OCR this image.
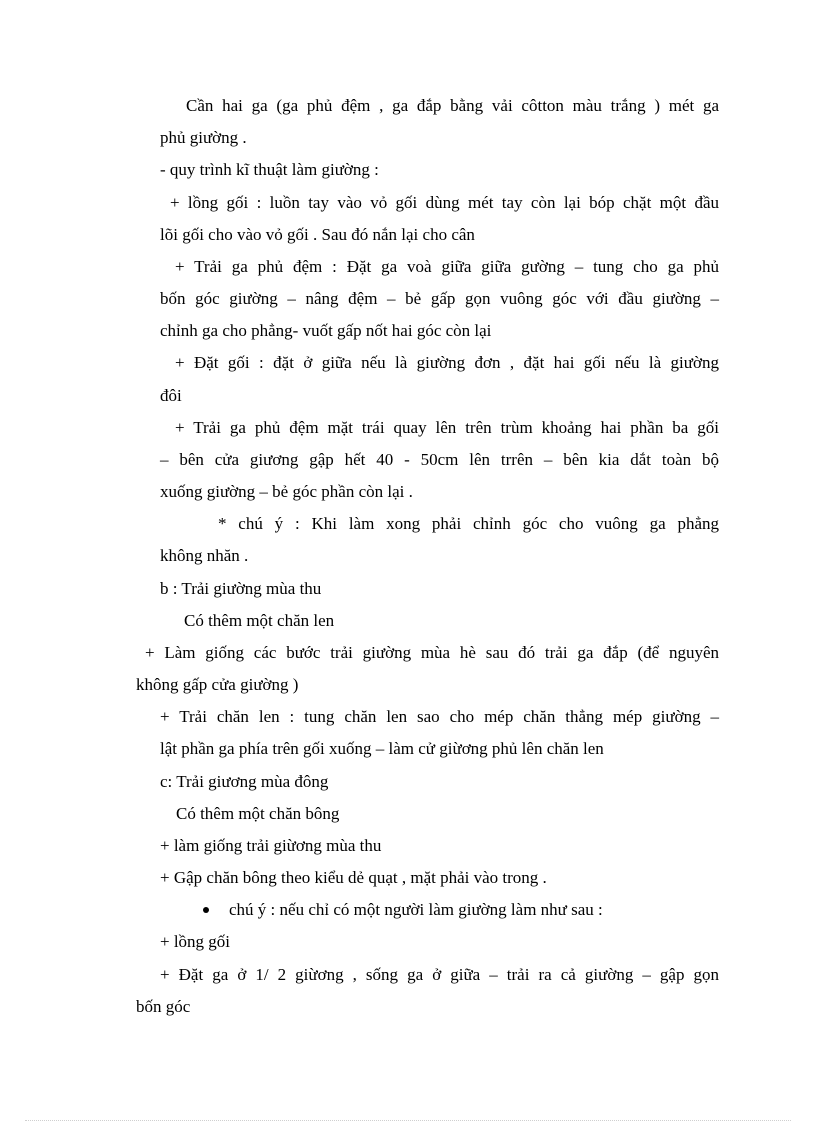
Cần hai ga (ga phủ đệm , ga đắp bằng vải côtton màu trắng ) mét ga
phủ giường .
- quy trình kĩ thuật làm giường :
+ lồng gối : luồn tay vào vỏ gối dùng mét tay còn lại bóp chặt một đầu
lõi gối cho vào vỏ gối . Sau đó nắn lại cho cân
+ Trải ga phủ đệm : Đặt ga voà giữa giữa gường – tung cho ga phủ
bốn góc giường – nâng đệm – bẻ gấp gọn vuông góc với đầu giường –
chỉnh ga cho phẳng- vuốt gấp nốt hai góc còn lại
+ Đặt gối : đặt ở giữa nếu là giường đơn , đặt hai gối nếu là giường
đôi
+ Trải ga phủ đệm mặt trái quay lên trên trùm khoảng hai phần ba gối
– bên cửa giương gập hết 40 - 50cm lên trrên – bên kia dắt toàn bộ
xuống giường – bẻ góc phần còn lại .
* chú ý : Khi làm xong phải chỉnh góc cho vuông ga phẳng
không nhăn .
b : Trải giường mùa thu
Có thêm một chăn len
+ Làm giống các bước trải giường mùa hè sau đó trải ga đắp (để nguyên
không gấp cửa giường )
+ Trải chăn len : tung chăn len sao cho mép chăn thẳng mép giường –
lật phần ga phía trên gối xuống – làm cử giừơng phủ lên chăn len
c: Trải giương mùa đông
Có thêm một chăn bông
+ làm giống trải giừơng mùa thu
+ Gập chăn bông theo kiểu dẻ quạt , mặt phải vào trong .
chú ý : nếu chỉ có một người làm giường làm như sau :
+ lồng gối
+ Đặt ga ở 1/ 2 giừơng , sống ga ở giữa – trải ra cả giường – gập gọn
bốn góc
